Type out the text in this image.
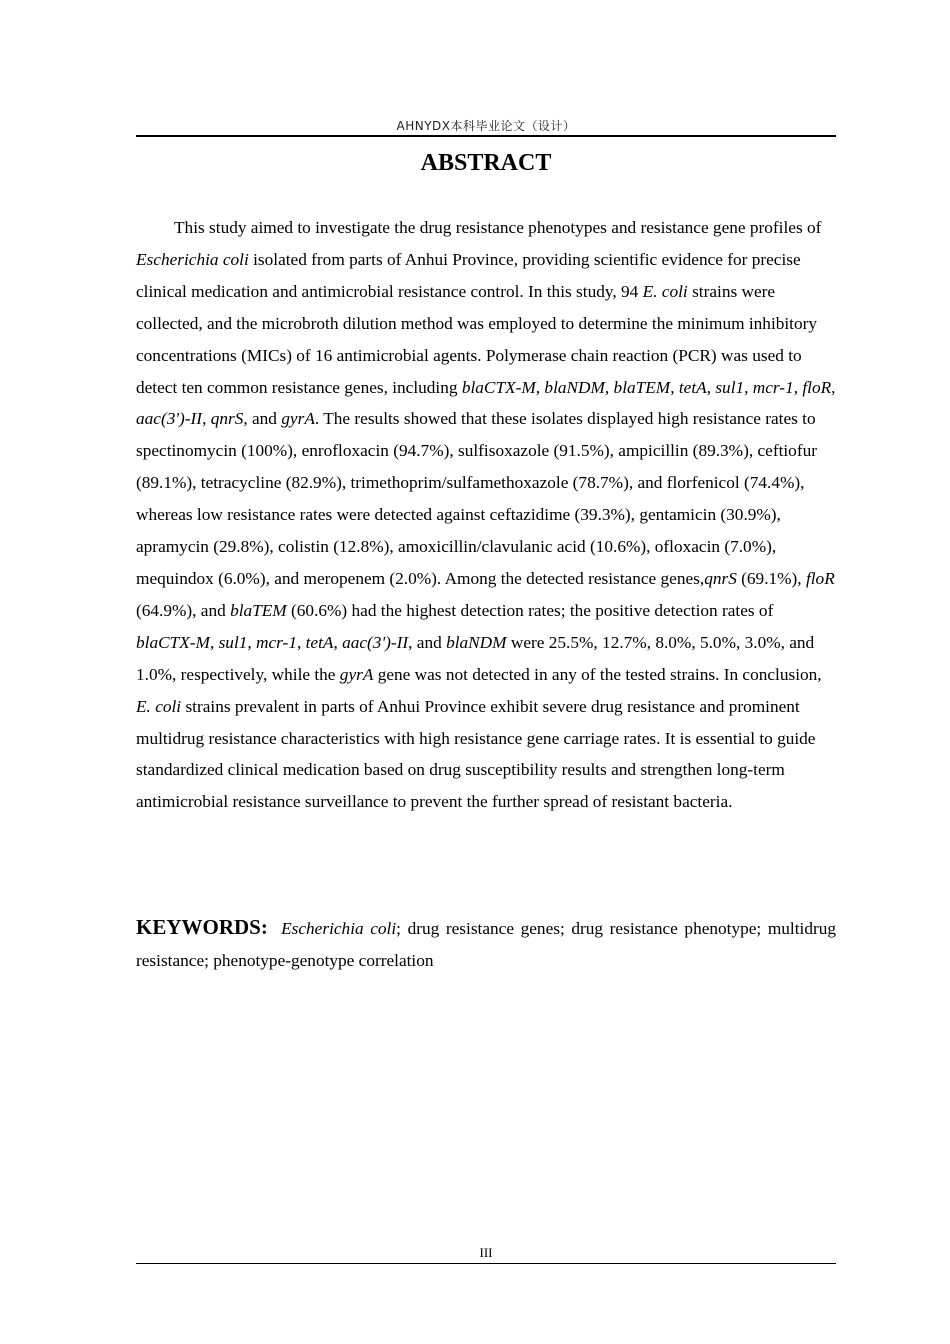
AHNYDX本科毕业论文（设计）
ABSTRACT

This study aimed to investigate the drug resistance phenotypes and resistance gene profiles of Escherichia coli isolated from parts of Anhui Province, providing scientific evidence for precise clinical medication and antimicrobial resistance control. In this study, 94 E. coli strains were collected, and the microbroth dilution method was employed to determine the minimum inhibitory concentrations (MICs) of 16 antimicrobial agents. Polymerase chain reaction (PCR) was used to detect ten common resistance genes, including blaCTX-M, blaNDM, blaTEM, tetA, sul1, mcr-1, floR, aac(3')-II, qnrS, and gyrA. The results showed that these isolates displayed high resistance rates to spectinomycin (100%), enrofloxacin (94.7%), sulfisoxazole (91.5%), ampicillin (89.3%), ceftiofur (89.1%), tetracycline (82.9%), trimethoprim/sulfamethoxazole (78.7%), and florfenicol (74.4%), whereas low resistance rates were detected against ceftazidime (39.3%), gentamicin (30.9%), apramycin (29.8%), colistin (12.8%), amoxicillin/clavulanic acid (10.6%), ofloxacin (7.0%), mequindox (6.0%), and meropenem (2.0%). Among the detected resistance genes,qnrS (69.1%), floR (64.9%), and blaTEM (60.6%) had the highest detection rates; the positive detection rates of blaCTX-M, sul1, mcr-1, tetA, aac(3')-II, and blaNDM were 25.5%, 12.7%, 8.0%, 5.0%, 3.0%, and 1.0%, respectively, while the gyrA gene was not detected in any of the tested strains. In conclusion, E. coli strains prevalent in parts of Anhui Province exhibit severe drug resistance and prominent multidrug resistance characteristics with high resistance gene carriage rates. It is essential to guide standardized clinical medication based on drug susceptibility results and strengthen long-term antimicrobial resistance surveillance to prevent the further spread of resistant bacteria.

KEYWORDS: Escherichia coli; drug resistance genes; drug resistance phenotype; multidrug resistance; phenotype-genotype correlation

III
